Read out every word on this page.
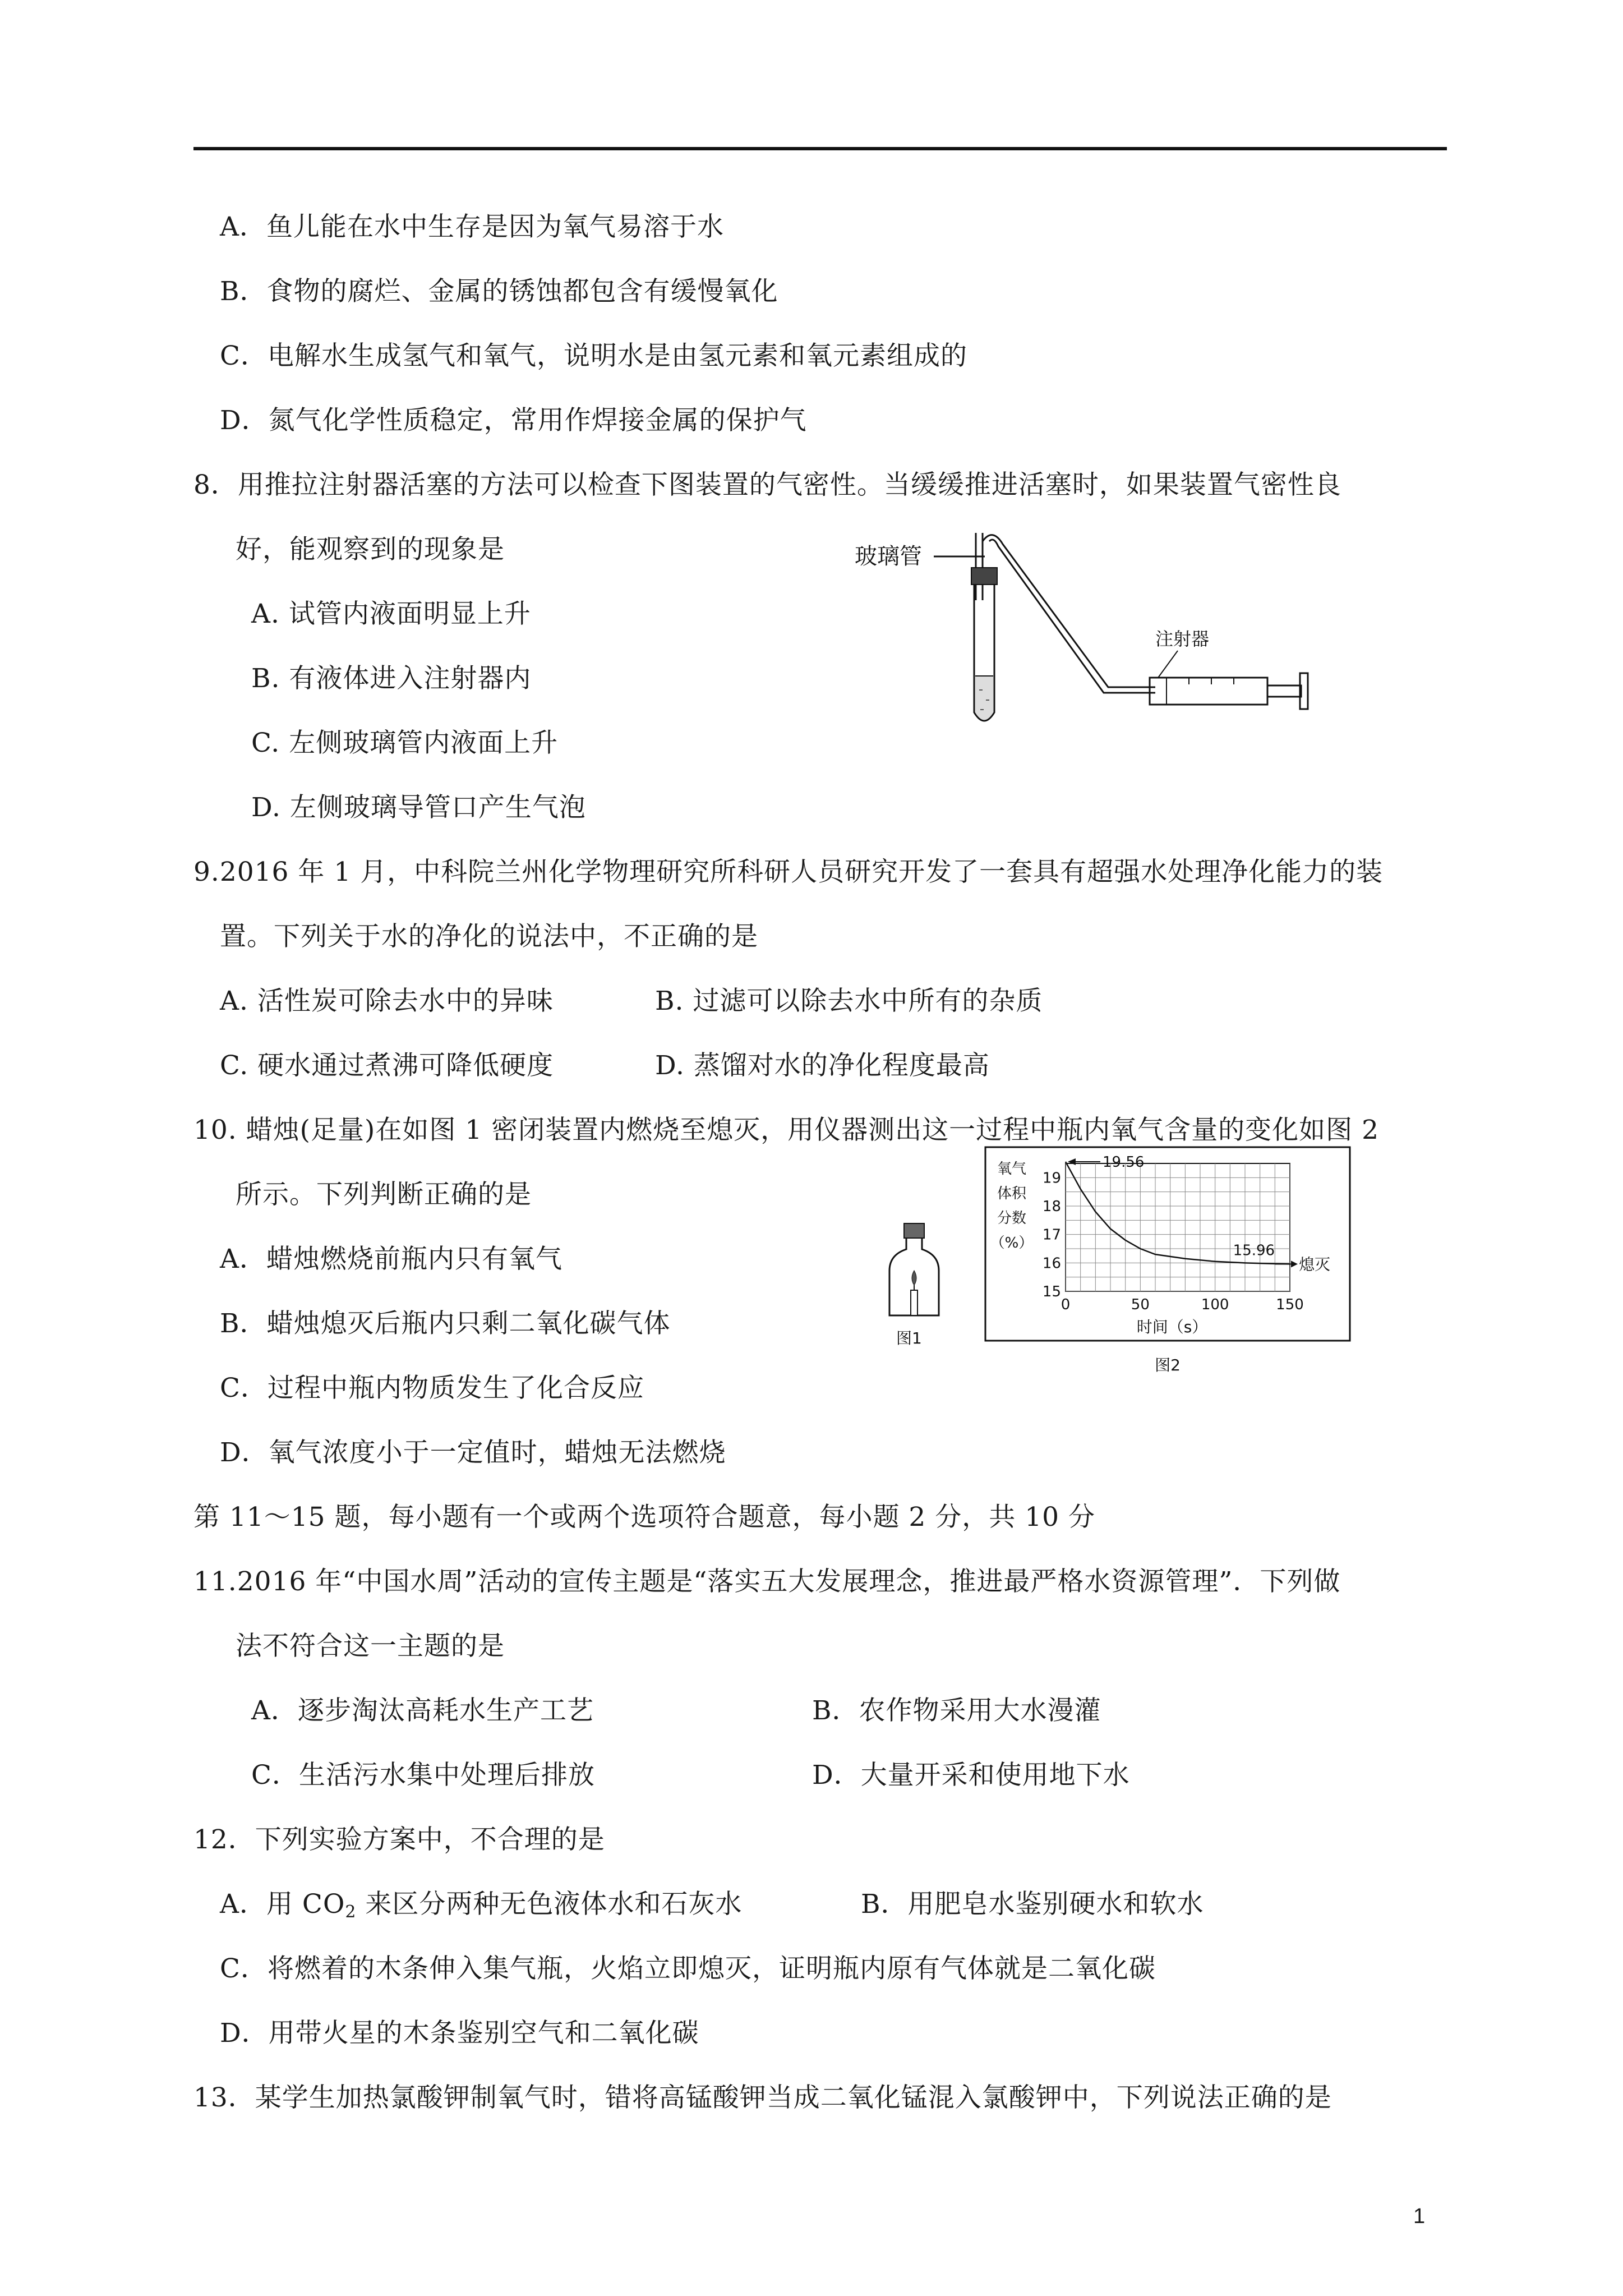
A．鱼儿能在水中生存是因为氧气易溶于水
B．食物的腐烂、金属的锈蚀都包含有缓慢氧化
C．电解水生成氢气和氧气，说明水是由氢元素和氧元素组成的
D．氮气化学性质稳定，常用作焊接金属的保护气
8．用推拉注射器活塞的方法可以检查下图装置的气密性。当缓缓推进活塞时，如果装置气密性良
好，能观察到的现象是
A. 试管内液面明显上升
B. 有液体进入注射器内
C. 左侧玻璃管内液面上升
D. 左侧玻璃导管口产生气泡
玻璃管
注射器
9.2016 年 1 月，中科院兰州化学物理研究所科研人员研究开发了一套具有超强水处理净化能力的装
置。下列关于水的净化的说法中，不正确的是
A. 活性炭可除去水中的异味	B. 过滤可以除去水中所有的杂质
C. 硬水通过煮沸可降低硬度	D. 蒸馏对水的净化程度最高
10. 蜡烛(足量)在如图 1 密闭装置内燃烧至熄灭，用仪器测出这一过程中瓶内氧气含量的变化如图 2
所示。下列判断正确的是
A．蜡烛燃烧前瓶内只有氧气
B．蜡烛熄灭后瓶内只剩二氧化碳气体
C．过程中瓶内物质发生了化合反应
D．氧气浓度小于一定值时，蜡烛无法燃烧
图1
氧气
体积
分数
（%）
15
16
17
18
19
0	50	100	150
19.56
15.96
熄灭
时间（s）
图2
第 11～15 题，每小题有一个或两个选项符合题意，每小题 2 分，共 10 分
11.2016 年“中国水周”活动的宣传主题是“落实五大发展理念，推进最严格水资源管理”．下列做
法不符合这一主题的是
A．逐步淘汰高耗水生产工艺	B．农作物采用大水漫灌
C．生活污水集中处理后排放	D．大量开采和使用地下水
12．下列实验方案中，不合理的是
A．用 $CO_2$ 来区分两种无色液体水和石灰水	B．用肥皂水鉴别硬水和软水
C．将燃着的木条伸入集气瓶，火焰立即熄灭，证明瓶内原有气体就是二氧化碳
D．用带火星的木条鉴别空气和二氧化碳
13．某学生加热氯酸钾制氧气时，错将高锰酸钾当成二氧化锰混入氯酸钾中，下列说法正确的是
1
